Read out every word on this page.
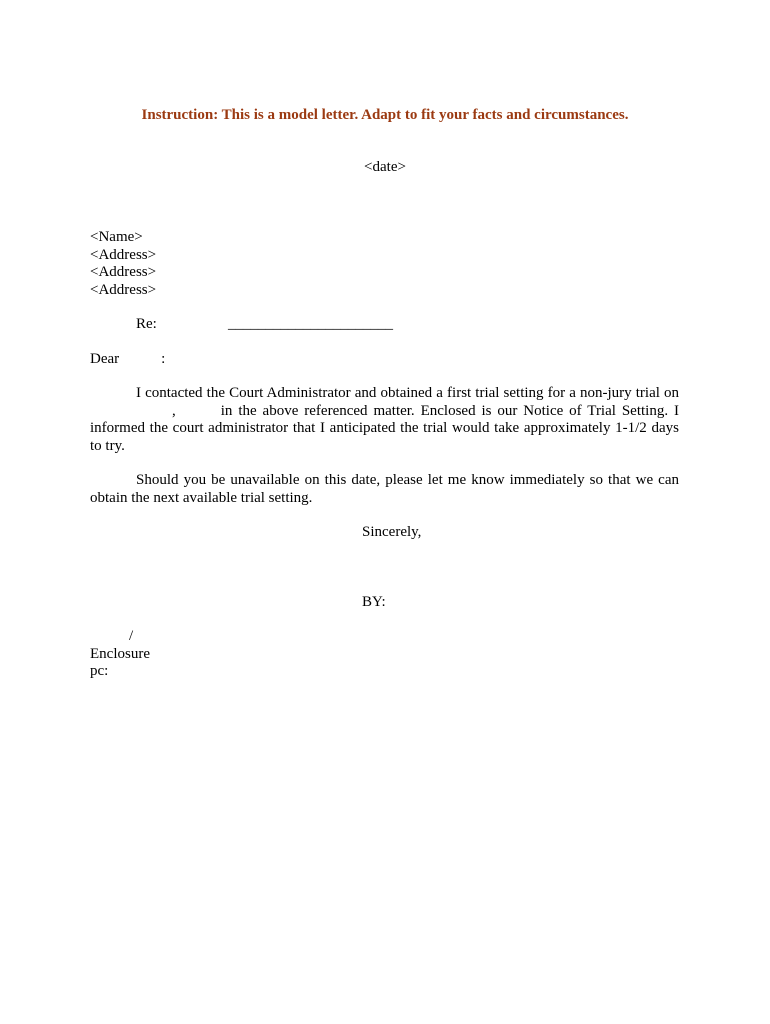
Instruction: This is a model letter. Adapt to fit your facts and circumstances.
<date>
<Name>
<Address>
<Address>
<Address>
Re:	______________________
Dear	:
I contacted the Court Administrator and obtained a first trial setting for a non-jury trial on ,	in the above referenced matter. Enclosed is our Notice of Trial Setting. I informed the court administrator that I anticipated the trial would take approximately 1-1/2 days to try.
Should you be unavailable on this date, please let me know immediately so that we can obtain the next available trial setting.
Sincerely,
BY:
/
Enclosure
pc:
